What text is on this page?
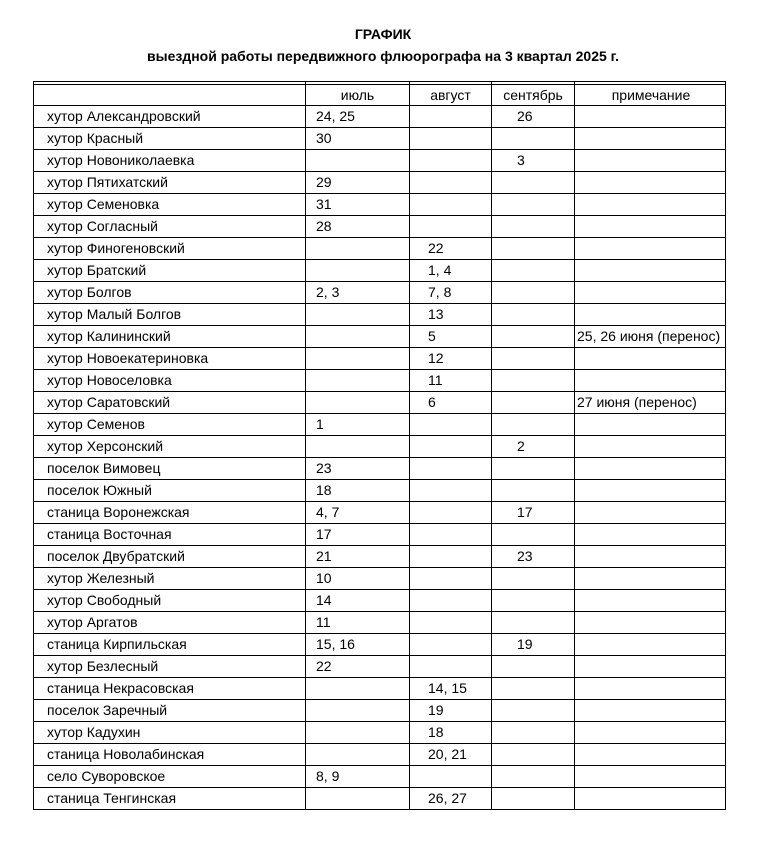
ГРАФИК
выездной работы передвижного флюорографа на 3 квартал 2025 г.

	июль	август	сентябрь	примечание
хутор Александровский	24, 25		26	
хутор Красный	30			
хутор Новониколаевка			3	
хутор Пятихатский	29			
хутор Семеновка	31			
хутор Согласный	28			
хутор Финогеновский		22		
хутор Братский		1, 4		
хутор Болгов	2, 3	7, 8		
хутор Малый Болгов		13		
хутор Калининский		5		25, 26 июня (перенос)
хутор Новоекатериновка		12		
хутор Новоселовка		11		
хутор Саратовский		6		27 июня (перенос)
хутор Семенов	1			
хутор Херсонский			2	
поселок Вимовец	23			
поселок Южный	18			
станица Воронежская	4, 7		17	
станица Восточная	17			
поселок Двубратский	21		23	
хутор Железный	10			
хутор Свободный	14			
хутор Аргатов	11			
станица Кирпильская	15, 16		19	
хутор Безлесный	22			
станица Некрасовская		14, 15		
поселок Заречный		19		
хутор Кадухин		18		
станица Новолабинская		20, 21		
село Суворовское	8, 9			
станица Тенгинская		26, 27		
